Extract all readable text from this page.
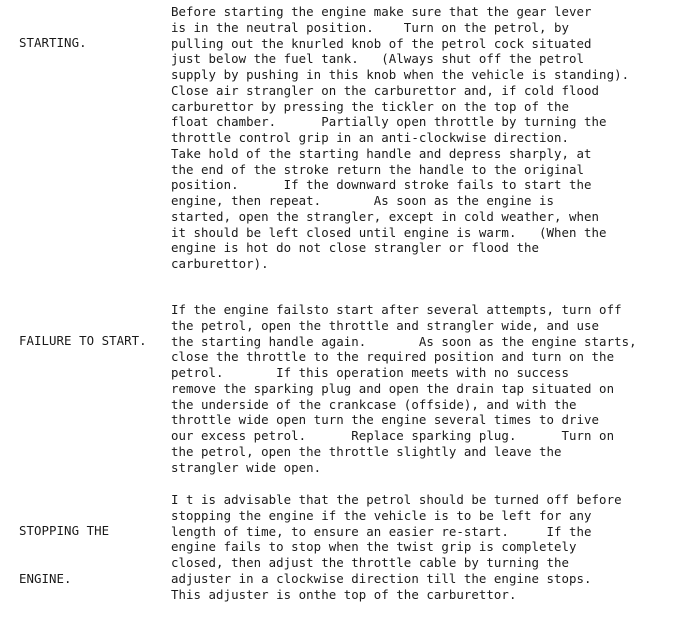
STARTING.

Before starting the engine make sure that the gear lever
is in the neutral position.    Turn on the petrol, by
pulling out the knurled knob of the petrol cock situated
just below the fuel tank.   (Always shut off the petrol
supply by pushing in this knob when the vehicle is standing).
Close air strangler on the carburettor and, if cold flood
carburettor by pressing the tickler on the top of the
float chamber.      Partially open throttle by turning the
throttle control grip in an anti-clockwise direction.
Take hold of the starting handle and depress sharply, at
the end of the stroke return the handle to the original
position.      If the downward stroke fails to start the
engine, then repeat.       As soon as the engine is
started, open the strangler, except in cold weather, when
it should be left closed until engine is warm.   (When the
engine is hot do not close strangler or flood the
carburettor).

FAILURE TO START.

If the engine failsto start after several attempts, turn off
the petrol, open the throttle and strangler wide, and use
the starting handle again.       As soon as the engine starts,
close the throttle to the required position and turn on the
petrol.       If this operation meets with no success
remove the sparking plug and open the drain tap situated on
the underside of the crankcase (offside), and with the
throttle wide open turn the engine several times to drive
our excess petrol.      Replace sparking plug.      Turn on
the petrol, open the throttle slightly and leave the
strangler wide open.

STOPPING THE

ENGINE.

I t is advisable that the petrol should be turned off before
stopping the engine if the vehicle is to be left for any
length of time, to ensure an easier re-start.     If the
engine fails to stop when the twist grip is completely
closed, then adjust the throttle cable by turning the
adjuster in a clockwise direction till the engine stops.
This adjuster is onthe top of the carburettor.
